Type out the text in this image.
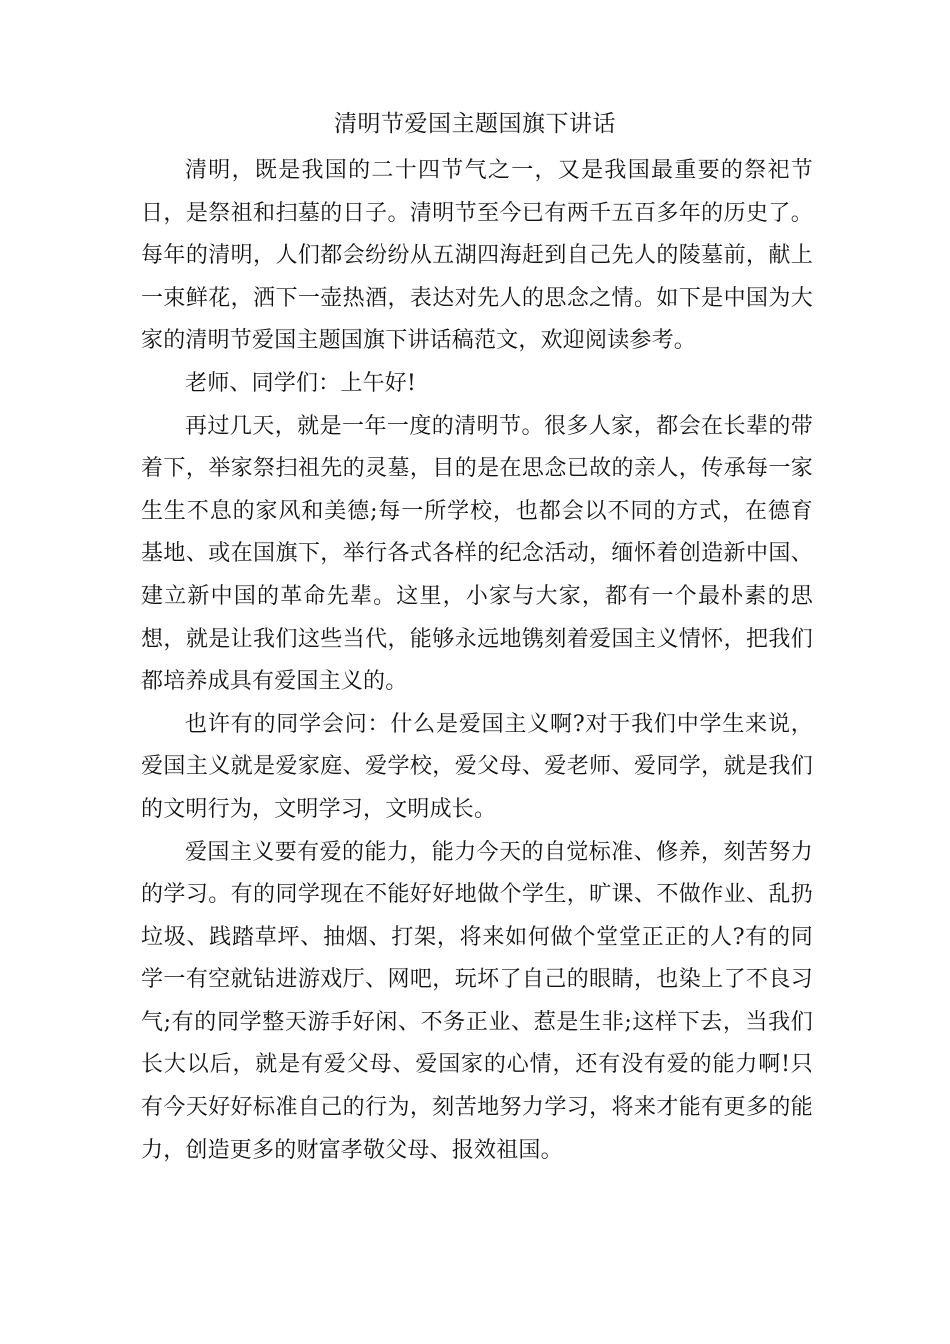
清明节爱国主题国旗下讲话

清明，既是我国的二十四节气之一，又是我国最重要的祭祀节日，是祭祖和扫墓的日子。清明节至今已有两千五百多年的历史了。每年的清明，人们都会纷纷从五湖四海赶到自己先人的陵墓前，献上一束鲜花，洒下一壶热酒，表达对先人的思念之情。如下是中国为大家的清明节爱国主题国旗下讲话稿范文，欢迎阅读参考。

老师、同学们：上午好!

再过几天，就是一年一度的清明节。很多人家，都会在长辈的带着下，举家祭扫祖先的灵墓，目的是在思念已故的亲人，传承每一家生生不息的家风和美德;每一所学校，也都会以不同的方式，在德育基地、或在国旗下，举行各式各样的纪念活动，缅怀着创造新中国、建立新中国的革命先辈。这里，小家与大家，都有一个最朴素的思想，就是让我们这些当代，能够永远地镌刻着爱国主义情怀，把我们都培养成具有爱国主义的。

也许有的同学会问：什么是爱国主义啊?对于我们中学生来说，爱国主义就是爱家庭、爱学校，爱父母、爱老师、爱同学，就是我们的文明行为，文明学习，文明成长。

爱国主义要有爱的能力，能力今天的自觉标准、修养，刻苦努力的学习。有的同学现在不能好好地做个学生，旷课、不做作业、乱扔垃圾、践踏草坪、抽烟、打架，将来如何做个堂堂正正的人?有的同学一有空就钻进游戏厅、网吧，玩坏了自己的眼睛，也染上了不良习气;有的同学整天游手好闲、不务正业、惹是生非;这样下去，当我们长大以后，就是有爱父母、爱国家的心情，还有没有爱的能力啊!只有今天好好标准自己的行为，刻苦地努力学习，将来才能有更多的能力，创造更多的财富孝敬父母、报效祖国。
